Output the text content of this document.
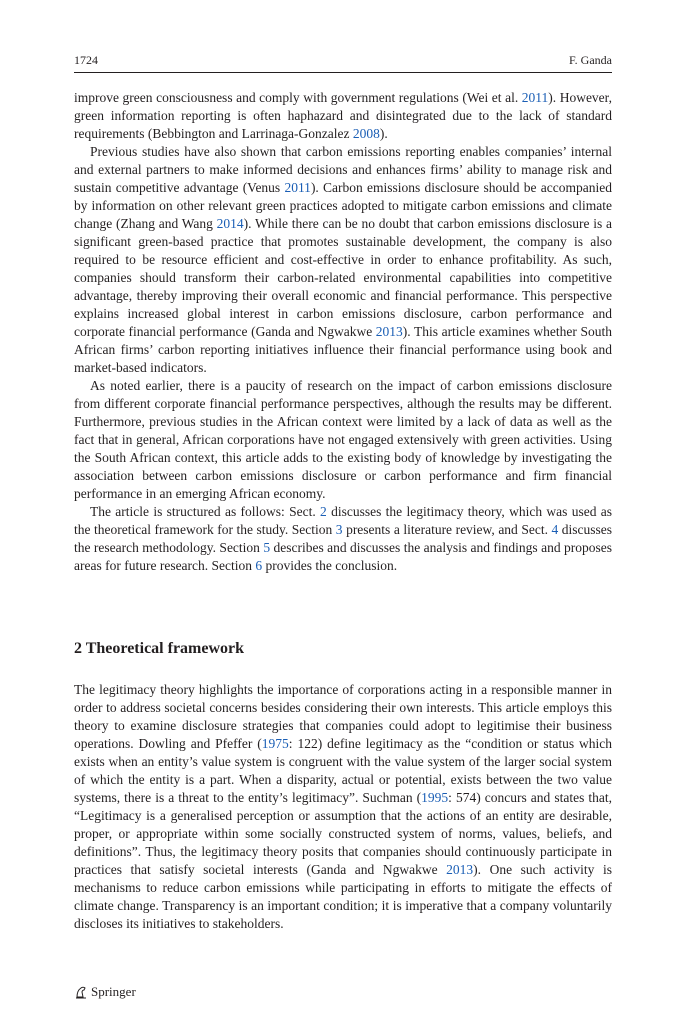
1724	F. Ganda

improve green consciousness and comply with government regulations (Wei et al. 2011). However, green information reporting is often haphazard and disintegrated due to the lack of standard requirements (Bebbington and Larrinaga-Gonzalez 2008).

Previous studies have also shown that carbon emissions reporting enables companies’ internal and external partners to make informed decisions and enhances firms’ ability to manage risk and sustain competitive advantage (Venus 2011). Carbon emissions disclosure should be accompanied by information on other relevant green practices adopted to mitigate carbon emissions and climate change (Zhang and Wang 2014). While there can be no doubt that carbon emissions disclosure is a significant green-based practice that promotes sustainable development, the company is also required to be resource efficient and cost-effective in order to enhance profitability. As such, companies should transform their carbon-related environmental capabilities into competitive advantage, thereby improving their overall economic and financial performance. This perspective explains increased global interest in carbon emissions disclosure, carbon performance and corporate financial performance (Ganda and Ngwakwe 2013). This article examines whether South African firms’ carbon reporting initiatives influence their financial performance using book and market-based indicators.

As noted earlier, there is a paucity of research on the impact of carbon emissions disclosure from different corporate financial performance perspectives, although the results may be different. Furthermore, previous studies in the African context were limited by a lack of data as well as the fact that in general, African corporations have not engaged extensively with green activities. Using the South African context, this article adds to the existing body of knowledge by investigating the association between carbon emissions disclosure or carbon performance and firm financial performance in an emerging African economy.

The article is structured as follows: Sect. 2 discusses the legitimacy theory, which was used as the theoretical framework for the study. Section 3 presents a literature review, and Sect. 4 discusses the research methodology. Section 5 describes and discusses the analysis and findings and proposes areas for future research. Section 6 provides the conclusion.

2 Theoretical framework

The legitimacy theory highlights the importance of corporations acting in a responsible manner in order to address societal concerns besides considering their own interests. This article employs this theory to examine disclosure strategies that companies could adopt to legitimise their business operations. Dowling and Pfeffer (1975: 122) define legitimacy as the “condition or status which exists when an entity’s value system is congruent with the value system of the larger social system of which the entity is a part. When a disparity, actual or potential, exists between the two value systems, there is a threat to the entity’s legitimacy”. Suchman (1995: 574) concurs and states that, “Legitimacy is a generalised perception or assumption that the actions of an entity are desirable, proper, or appropriate within some socially constructed system of norms, values, beliefs, and definitions”. Thus, the legitimacy theory posits that companies should continuously participate in practices that satisfy societal interests (Ganda and Ngwakwe 2013). One such activity is mechanisms to reduce carbon emissions while participating in efforts to mitigate the effects of climate change. Transparency is an important condition; it is imperative that a company voluntarily discloses its initiatives to stakeholders.

Springer
